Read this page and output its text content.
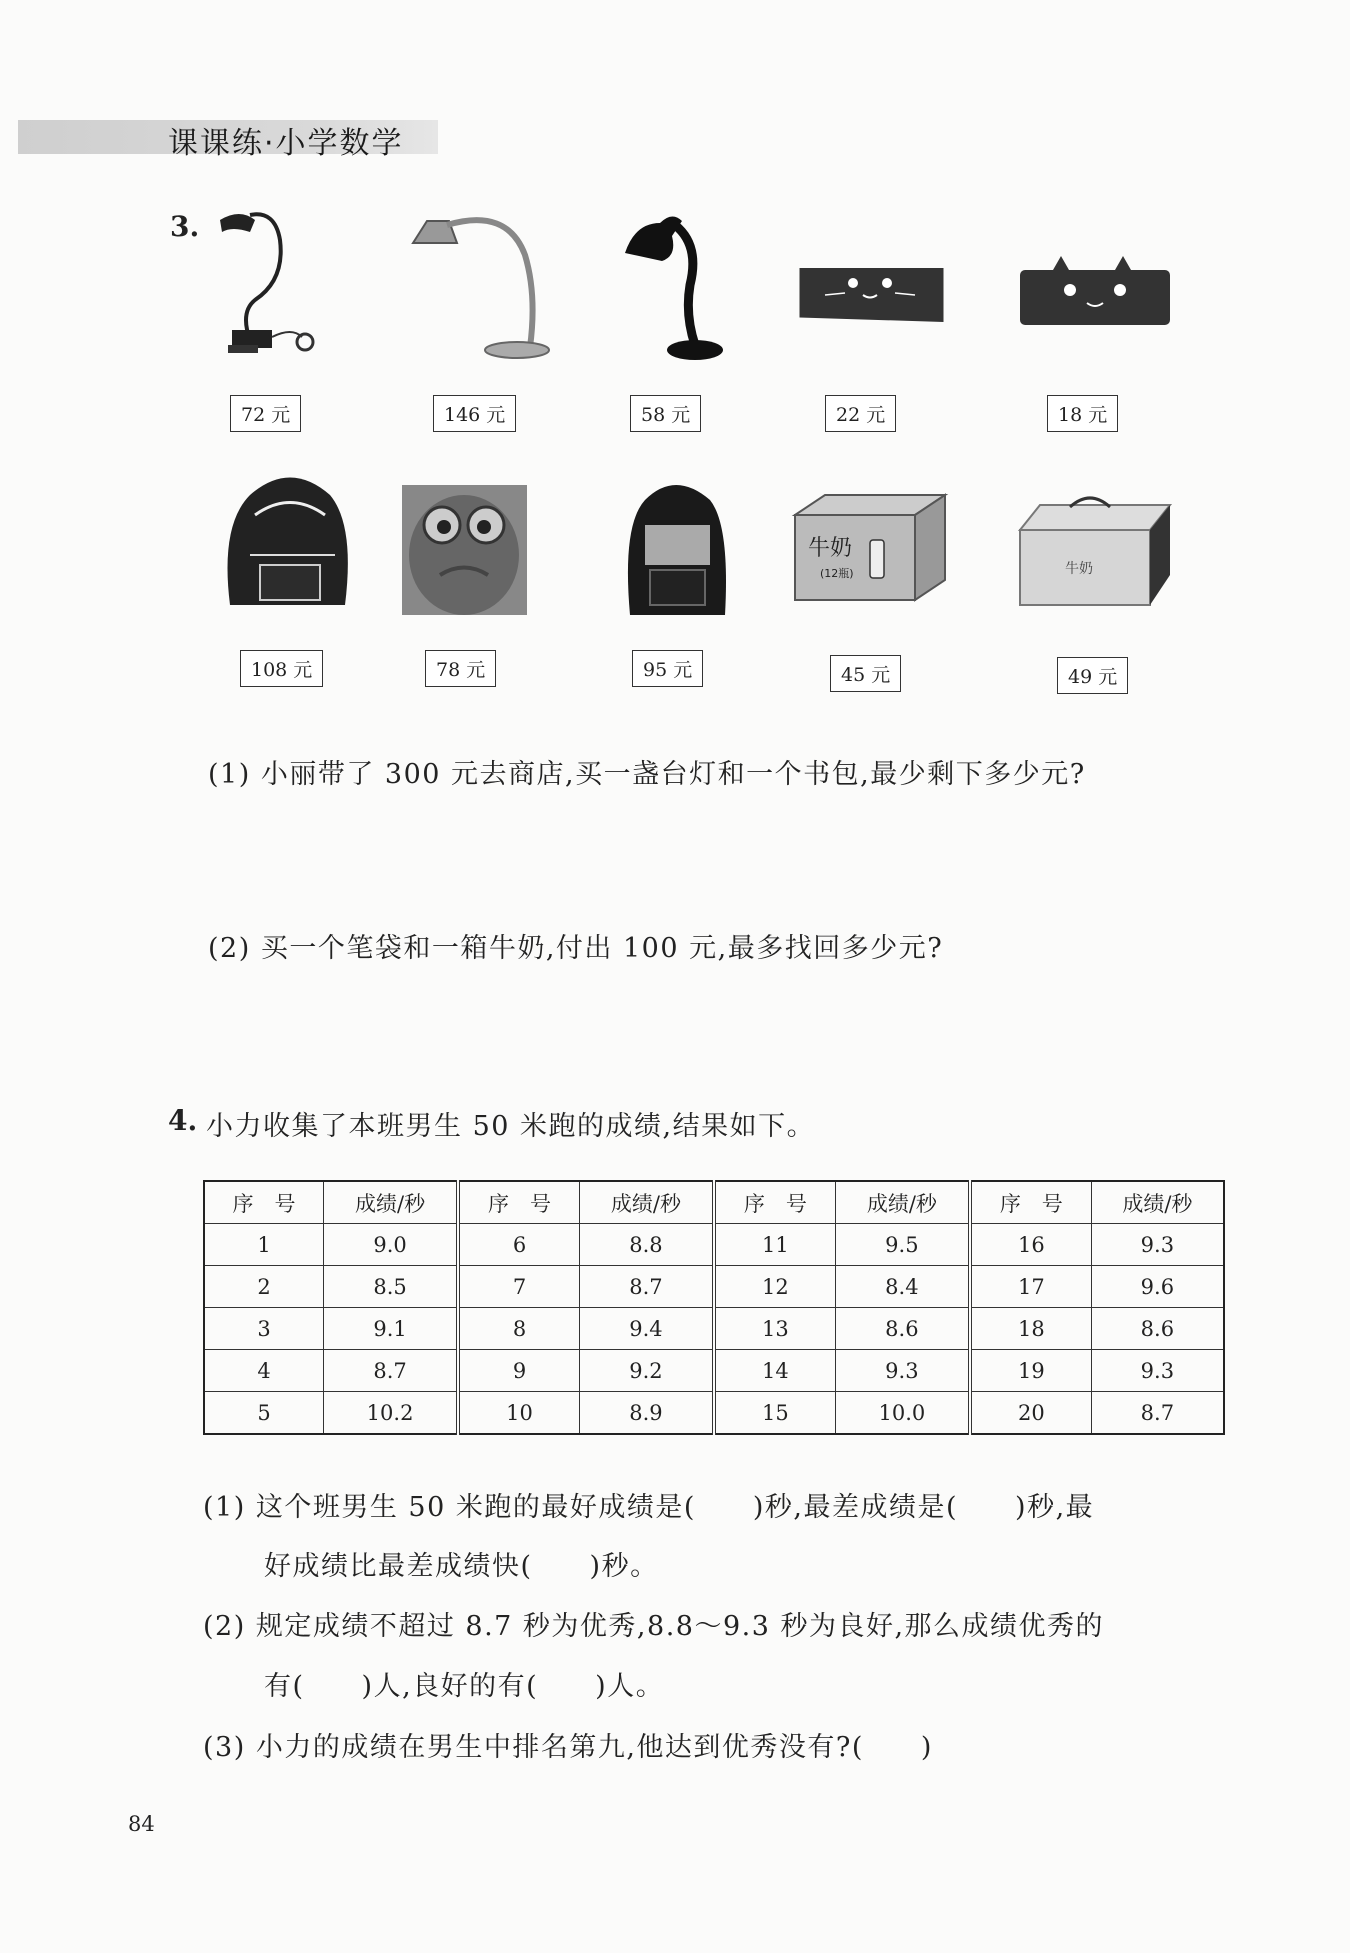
课课练·小学数学
3.
72 元	146 元	58 元	22 元	18 元
108 元	78 元	95 元
牛奶
(12瓶)
45 元
牛奶
49 元
(1) 小丽带了 300 元去商店,买一盏台灯和一个书包,最少剩下多少元?
(2) 买一个笔袋和一箱牛奶,付出 100 元,最多找回多少元?
4. 小力收集了本班男生 50 米跑的成绩,结果如下。
序　号	成绩/秒	序　号	成绩/秒	序　号	成绩/秒	序　号	成绩/秒
1	9.0	6	8.8	11	9.5	16	9.3
2	8.5	7	8.7	12	8.4	17	9.6
3	9.1	8	9.4	13	8.6	18	8.6
4	8.7	9	9.2	14	9.3	19	9.3
5	10.2	10	8.9	15	10.0	20	8.7
(1) 这个班男生 50 米跑的最好成绩是(　　)秒,最差成绩是(　　)秒,最
好成绩比最差成绩快(　　)秒。
(2) 规定成绩不超过 8.7 秒为优秀,8.8～9.3 秒为良好,那么成绩优秀的
有(　　)人,良好的有(　　)人。
(3) 小力的成绩在男生中排名第九,他达到优秀没有?(　　)
84
